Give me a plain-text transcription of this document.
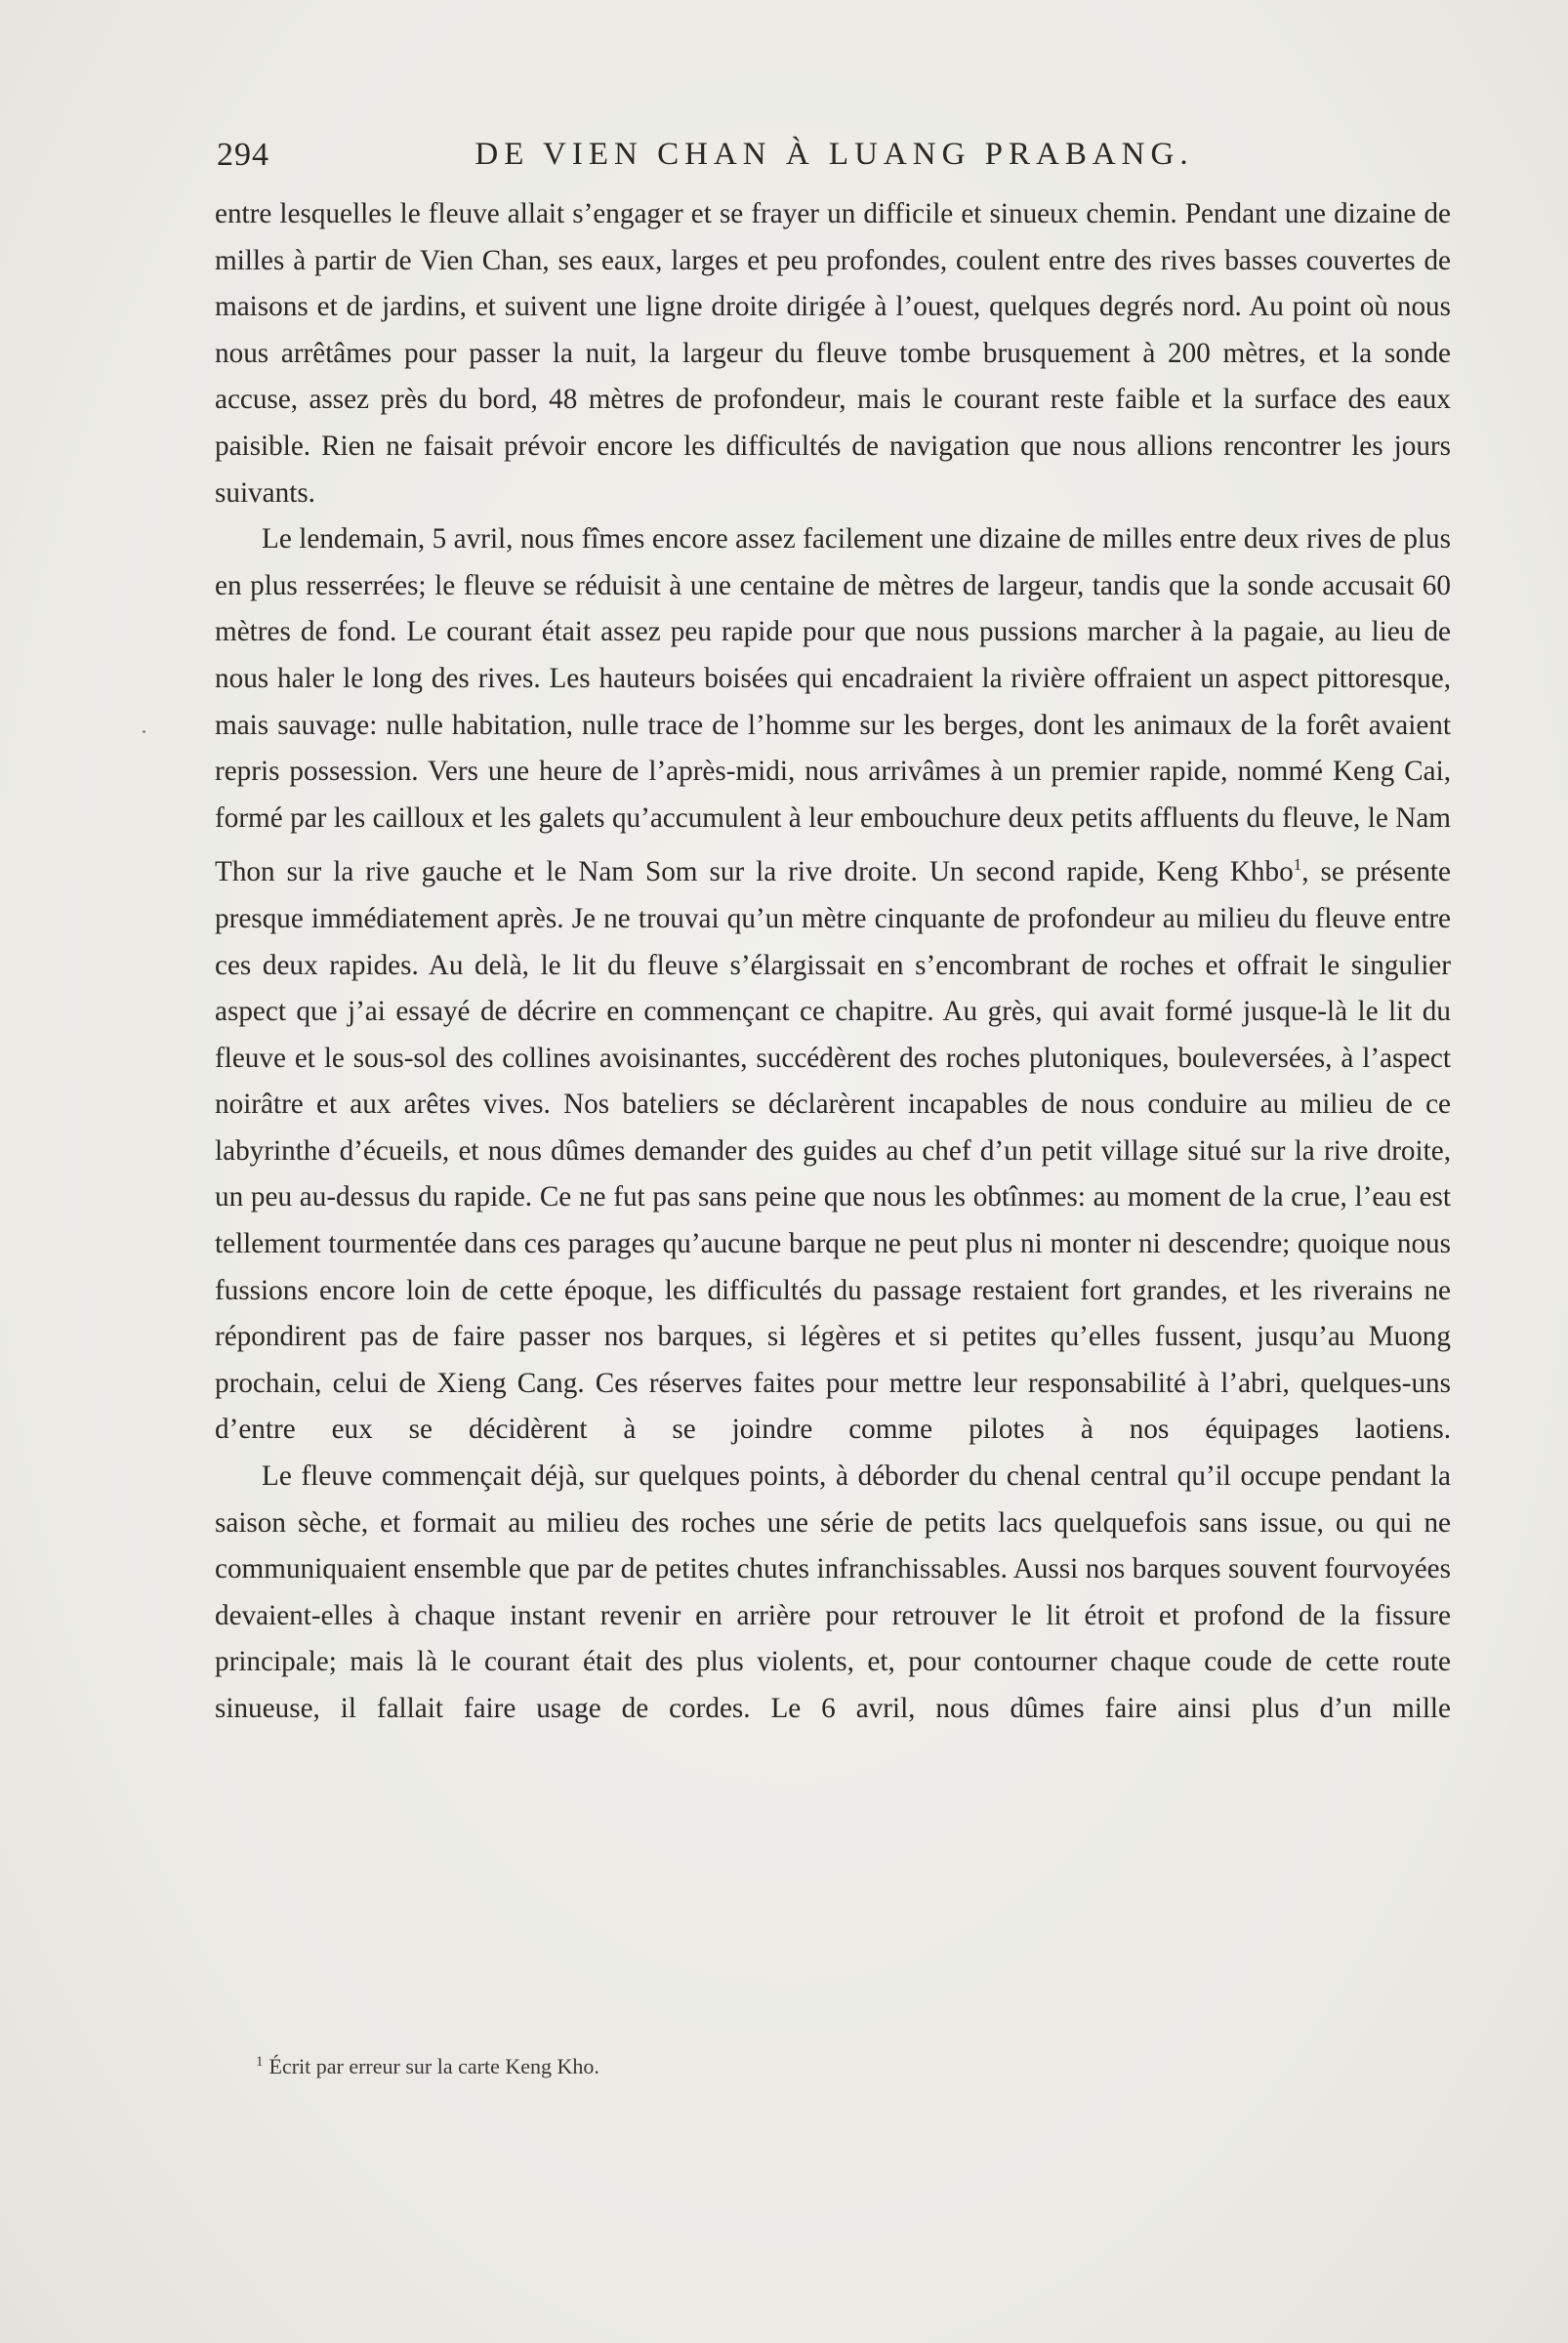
294	DE VIEN CHAN À LUANG PRABANG.

entre lesquelles le fleuve allait s’engager et se frayer un difficile et sinueux chemin. Pendant une dizaine de milles à partir de Vien Chan, ses eaux, larges et peu profondes, coulent entre des rives basses couvertes de maisons et de jardins, et suivent une ligne droite dirigée à l’ouest, quelques degrés nord. Au point où nous nous arrêtâmes pour passer la nuit, la largeur du fleuve tombe brusquement à 200 mètres, et la sonde accuse, assez près du bord, 48 mètres de profondeur, mais le courant reste faible et la surface des eaux paisible. Rien ne faisait prévoir encore les difficultés de navigation que nous allions rencontrer les jours suivants.

Le lendemain, 5 avril, nous fîmes encore assez facilement une dizaine de milles entre deux rives de plus en plus resserrées; le fleuve se réduisit à une centaine de mètres de largeur, tandis que la sonde accusait 60 mètres de fond. Le courant était assez peu rapide pour que nous pussions marcher à la pagaie, au lieu de nous haler le long des rives. Les hauteurs boisées qui encadraient la rivière offraient un aspect pittoresque, mais sauvage: nulle habitation, nulle trace de l’homme sur les berges, dont les animaux de la forêt avaient repris possession. Vers une heure de l’après-midi, nous arrivâmes à un premier rapide, nommé Keng Cai, formé par les cailloux et les galets qu’accumulent à leur embouchure deux petits affluents du fleuve, le Nam Thon sur la rive gauche et le Nam Som sur la rive droite. Un second rapide, Keng Khbo$^1$, se présente presque immédiatement après. Je ne trouvai qu’un mètre cinquante de profondeur au milieu du fleuve entre ces deux rapides. Au delà, le lit du fleuve s’élargissait en s’encombrant de roches et offrait le singulier aspect que j’ai essayé de décrire en commençant ce chapitre. Au grès, qui avait formé jusque-là le lit du fleuve et le sous-sol des collines avoisinantes, succédèrent des roches plutoniques, bouleversées, à l’aspect noirâtre et aux arêtes vives. Nos bateliers se déclarèrent incapables de nous conduire au milieu de ce labyrinthe d’écueils, et nous dûmes demander des guides au chef d’un petit village situé sur la rive droite, un peu au-dessus du rapide. Ce ne fut pas sans peine que nous les obtînmes: au moment de la crue, l’eau est tellement tourmentée dans ces parages qu’aucune barque ne peut plus ni monter ni descendre; quoique nous fussions encore loin de cette époque, les difficultés du passage restaient fort grandes, et les riverains ne répondirent pas de faire passer nos barques, si légères et si petites qu’elles fussent, jusqu’au Muong prochain, celui de Xieng Cang. Ces réserves faites pour mettre leur responsabilité à l’abri, quelques-uns d’entre eux se décidèrent à se joindre comme pilotes à nos équipages laotiens.

Le fleuve commençait déjà, sur quelques points, à déborder du chenal central qu’il occupe pendant la saison sèche, et formait au milieu des roches une série de petits lacs quelquefois sans issue, ou qui ne communiquaient ensemble que par de petites chutes infranchissables. Aussi nos barques souvent fourvoyées devaient-elles à chaque instant revenir en arrière pour retrouver le lit étroit et profond de la fissure principale; mais là le courant était des plus violents, et, pour contourner chaque coude de cette route sinueuse, il fallait faire usage de cordes. Le 6 avril, nous dûmes faire ainsi plus d’un mille

$^1$ Écrit par erreur sur la carte Keng Kho.
